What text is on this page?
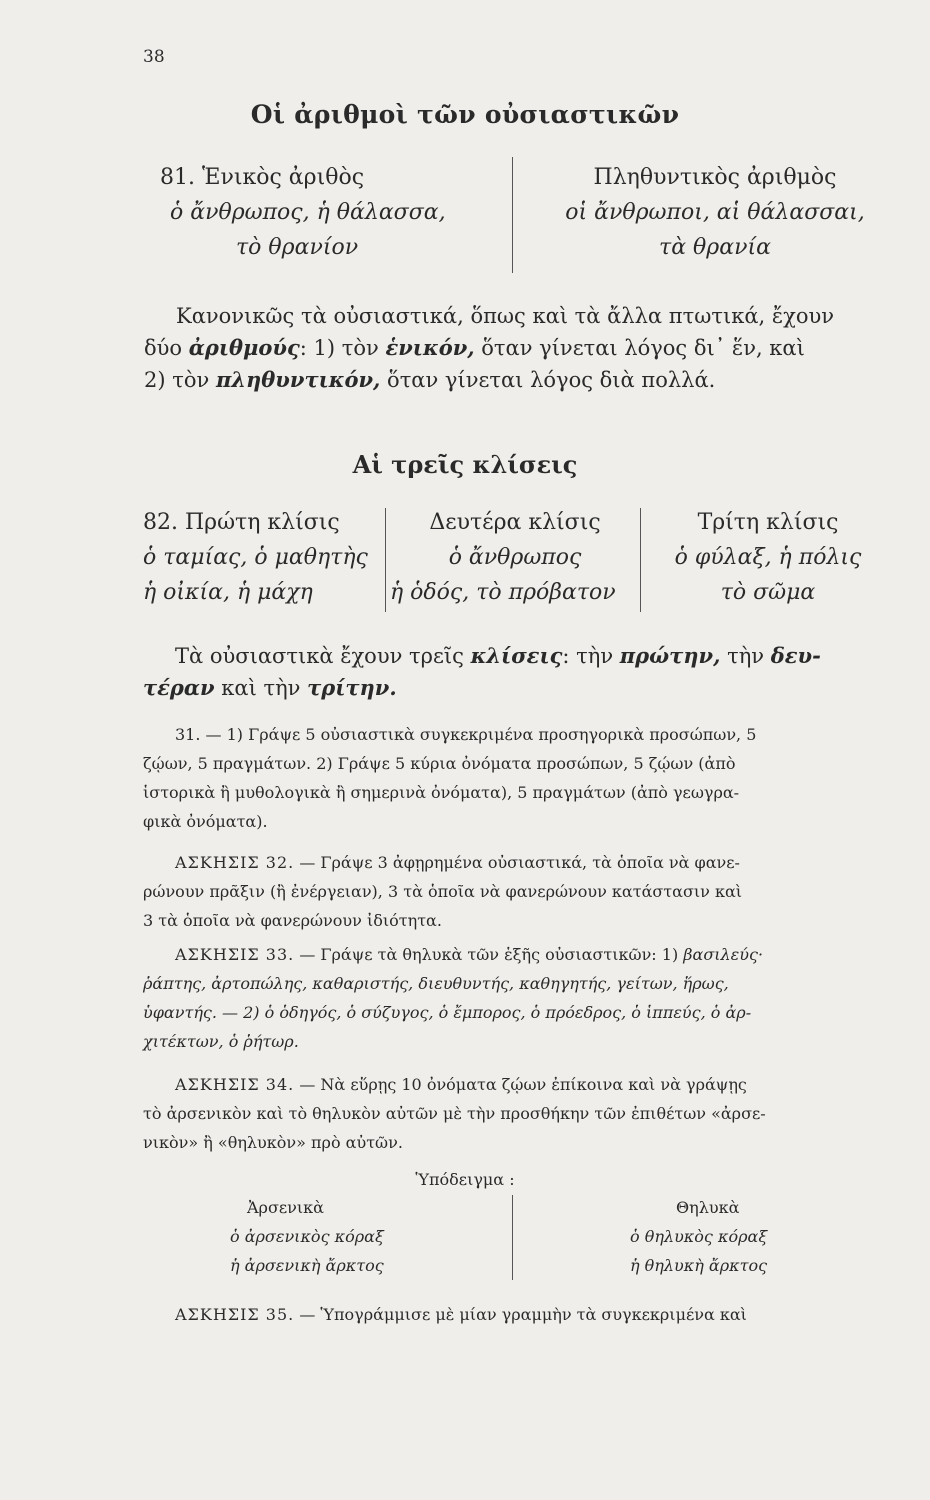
38
Οἱ ἀριθμοὶ τῶν οὐσιαστικῶν
81. Ἑνικὸς ἀριθὸς
ὁ ἄνθρωπος, ἡ θάλασσα,
τὸ θρανίον
Πληθυντικὸς ἀριθμὸς
οἱ ἄνθρωποι, αἱ θάλασσαι,
τὰ θρανία
Κανονικῶς τὰ οὐσιαστικά, ὅπως καὶ τὰ ἄλλα πτωτικά, ἔχουν
δύο ἀριθμούς: 1) τὸν ἑνικόν, ὅταν γίνεται λόγος δι᾽ ἕν, καὶ
2) τὸν πληθυντικόν, ὅταν γίνεται λόγος διὰ πολλά.
Αἱ τρεῖς κλίσεις
82. Πρώτη κλίσις
ὁ ταμίας, ὁ μαθητὴς
ἡ οἰκία, ἡ μάχη
Δευτέρα κλίσις
ὁ ἄνθρωπος
ἡ ὁδός, τὸ πρόβατον
Τρίτη κλίσις
ὁ φύλαξ, ἡ πόλις
τὸ σῶμα
Τὰ οὐσιαστικὰ ἔχουν τρεῖς κλίσεις: τὴν πρώτην, τὴν δευ-
τέραν καὶ τὴν τρίτην.
31. — 1) Γράψε 5 οὐσιαστικὰ συγκεκριμένα προσηγορικὰ προσώπων, 5
ζῴων, 5 πραγμάτων. 2) Γράψε 5 κύρια ὀνόματα προσώπων, 5 ζῴων (ἀπὸ
ἱστορικὰ ἢ μυθολογικὰ ἢ σημερινὰ ὀνόματα), 5 πραγμάτων (ἀπὸ γεωγρα-
φικὰ ὀνόματα).
ΑΣΚΗΣΙΣ 32. — Γράψε 3 ἀφῃρημένα οὐσιαστικά, τὰ ὁποῖα νὰ φανε-
ρώνουν πρᾶξιν (ἢ ἐνέργειαν), 3 τὰ ὁποῖα νὰ φανερώνουν κατάστασιν καὶ
3 τὰ ὁποῖα νὰ φανερώνουν ἰδιότητα.
ΑΣΚΗΣΙΣ 33. — Γράψε τὰ θηλυκὰ τῶν ἑξῆς οὐσιαστικῶν: 1) βασιλεύς·
ῥάπτης, ἀρτοπώλης, καθαριστής, διευθυντής, καθηγητής, γείτων, ἥρως,
ὑφαντής. — 2) ὁ ὁδηγός, ὁ σύζυγος, ὁ ἔμπορος, ὁ πρόεδρος, ὁ ἱππεύς, ὁ ἀρ-
χιτέκτων, ὁ ῥήτωρ.
ΑΣΚΗΣΙΣ 34. — Νὰ εὕρῃς 10 ὀνόματα ζῴων ἐπίκοινα καὶ νὰ γράψῃς
τὸ ἀρσενικὸν καὶ τὸ θηλυκὸν αὐτῶν μὲ τὴν προσθήκην τῶν ἐπιθέτων «ἀρσε-
νικὸν» ἢ «θηλυκὸν» πρὸ αὐτῶν.
Ὑπόδειγμα :
Ἀρσενικὰ
ὁ ἀρσενικὸς κόραξ
ἡ ἀρσενικὴ ἄρκτος
Θηλυκὰ
ὁ θηλυκὸς κόραξ
ἡ θηλυκὴ ἄρκτος
ΑΣΚΗΣΙΣ 35. — Ὑπογράμμισε μὲ μίαν γραμμὴν τὰ συγκεκριμένα καὶ
